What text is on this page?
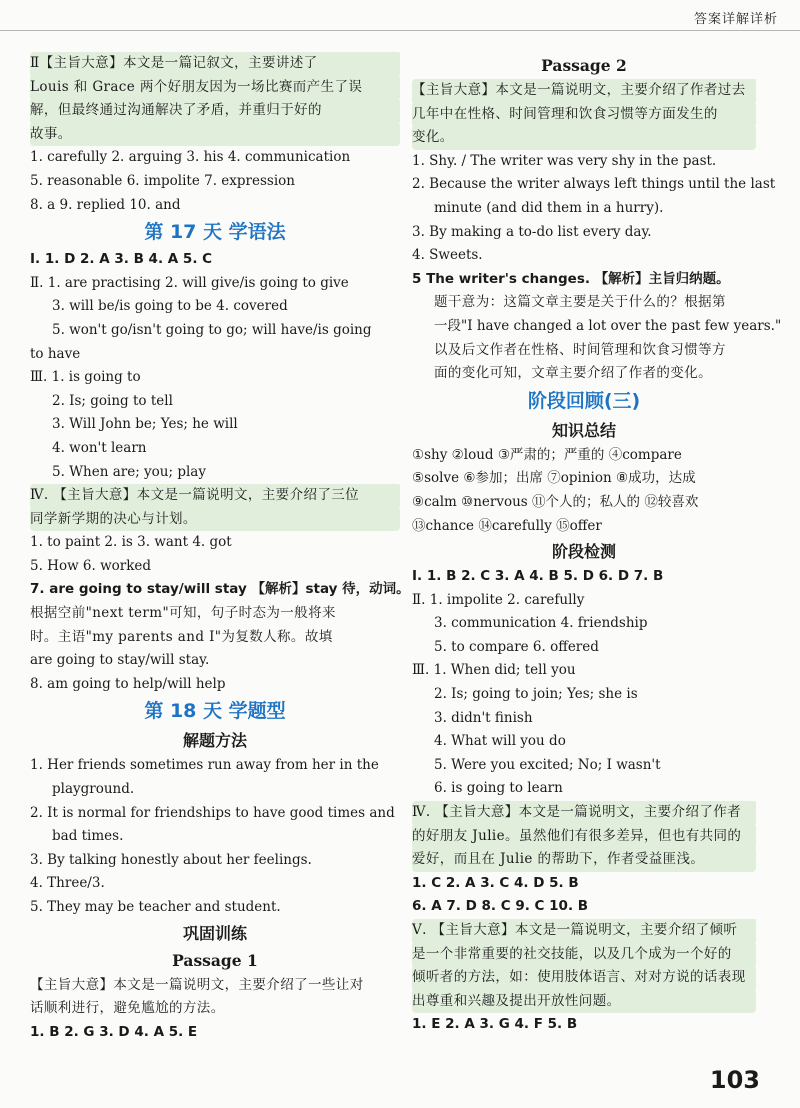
答案详解详析
Ⅱ【主旨大意】本文是一篇记叙文，主要讲述了
Louis 和 Grace 两个好朋友因为一场比赛而产生了误
解，但最终通过沟通解决了矛盾，并重归于好的
故事。
1. carefully 2. arguing 3. his 4. communication
5. reasonable 6. impolite 7. expression
8. a 9. replied 10. and
第 17 天 学语法
Ⅰ. 1. D 2. A 3. B 4. A 5. C
Ⅱ. 1. are practising 2. will give/is going to give
3. will be/is going to be 4. covered
5. won't go/isn't going to go; will have/is going
to have
Ⅲ. 1. is going to
2. Is; going to tell
3. Will John be; Yes; he will
4. won't learn
5. When are; you; play
Ⅳ. 【主旨大意】本文是一篇说明文，主要介绍了三位
同学新学期的决心与计划。
1. to paint 2. is 3. want 4. got
5. How 6. worked
7. are going to stay/will stay 【解析】stay 待，动词。
根据空前"next term"可知，句子时态为一般将来
时。主语"my parents and I"为复数人称。故填
are going to stay/will stay.
8. am going to help/will help
第 18 天 学题型
解题方法
1. Her friends sometimes run away from her in the
playground.
2. It is normal for friendships to have good times and
bad times.
3. By talking honestly about her feelings.
4. Three/3.
5. They may be teacher and student.
巩固训练
Passage 1
【主旨大意】本文是一篇说明文，主要介绍了一些让对
话顺利进行，避免尴尬的方法。
1. B 2. G 3. D 4. A 5. E
Passage 2
【主旨大意】本文是一篇说明文，主要介绍了作者过去
几年中在性格、时间管理和饮食习惯等方面发生的
变化。
1. Shy. / The writer was very shy in the past.
2. Because the writer always left things until the last
minute (and did them in a hurry).
3. By making a to-do list every day.
4. Sweets.
5 The writer's changes. 【解析】主旨归纳题。
题干意为：这篇文章主要是关于什么的？根据第
一段"I have changed a lot over the past few years."
以及后文作者在性格、时间管理和饮食习惯等方
面的变化可知，文章主要介绍了作者的变化。
阶段回顾(三)
知识总结
①shy ②loud ③严肃的；严重的 ④compare
⑤solve ⑥参加；出席 ⑦opinion ⑧成功，达成
⑨calm ⑩nervous ⑪个人的；私人的 ⑫较喜欢
⑬chance ⑭carefully ⑮offer
阶段检测
Ⅰ. 1. B 2. C 3. A 4. B 5. D 6. D 7. B
Ⅱ. 1. impolite 2. carefully
3. communication 4. friendship
5. to compare 6. offered
Ⅲ. 1. When did; tell you
2. Is; going to join; Yes; she is
3. didn't finish
4. What will you do
5. Were you excited; No; I wasn't
6. is going to learn
Ⅳ. 【主旨大意】本文是一篇说明文，主要介绍了作者
的好朋友 Julie。虽然他们有很多差异，但也有共同的
爱好，而且在 Julie 的帮助下，作者受益匪浅。
1. C 2. A 3. C 4. D 5. B
6. A 7. D 8. C 9. C 10. B
Ⅴ. 【主旨大意】本文是一篇说明文，主要介绍了倾听
是一个非常重要的社交技能，以及几个成为一个好的
倾听者的方法，如：使用肢体语言、对对方说的话表现
出尊重和兴趣及提出开放性问题。
1. E 2. A 3. G 4. F 5. B
103
